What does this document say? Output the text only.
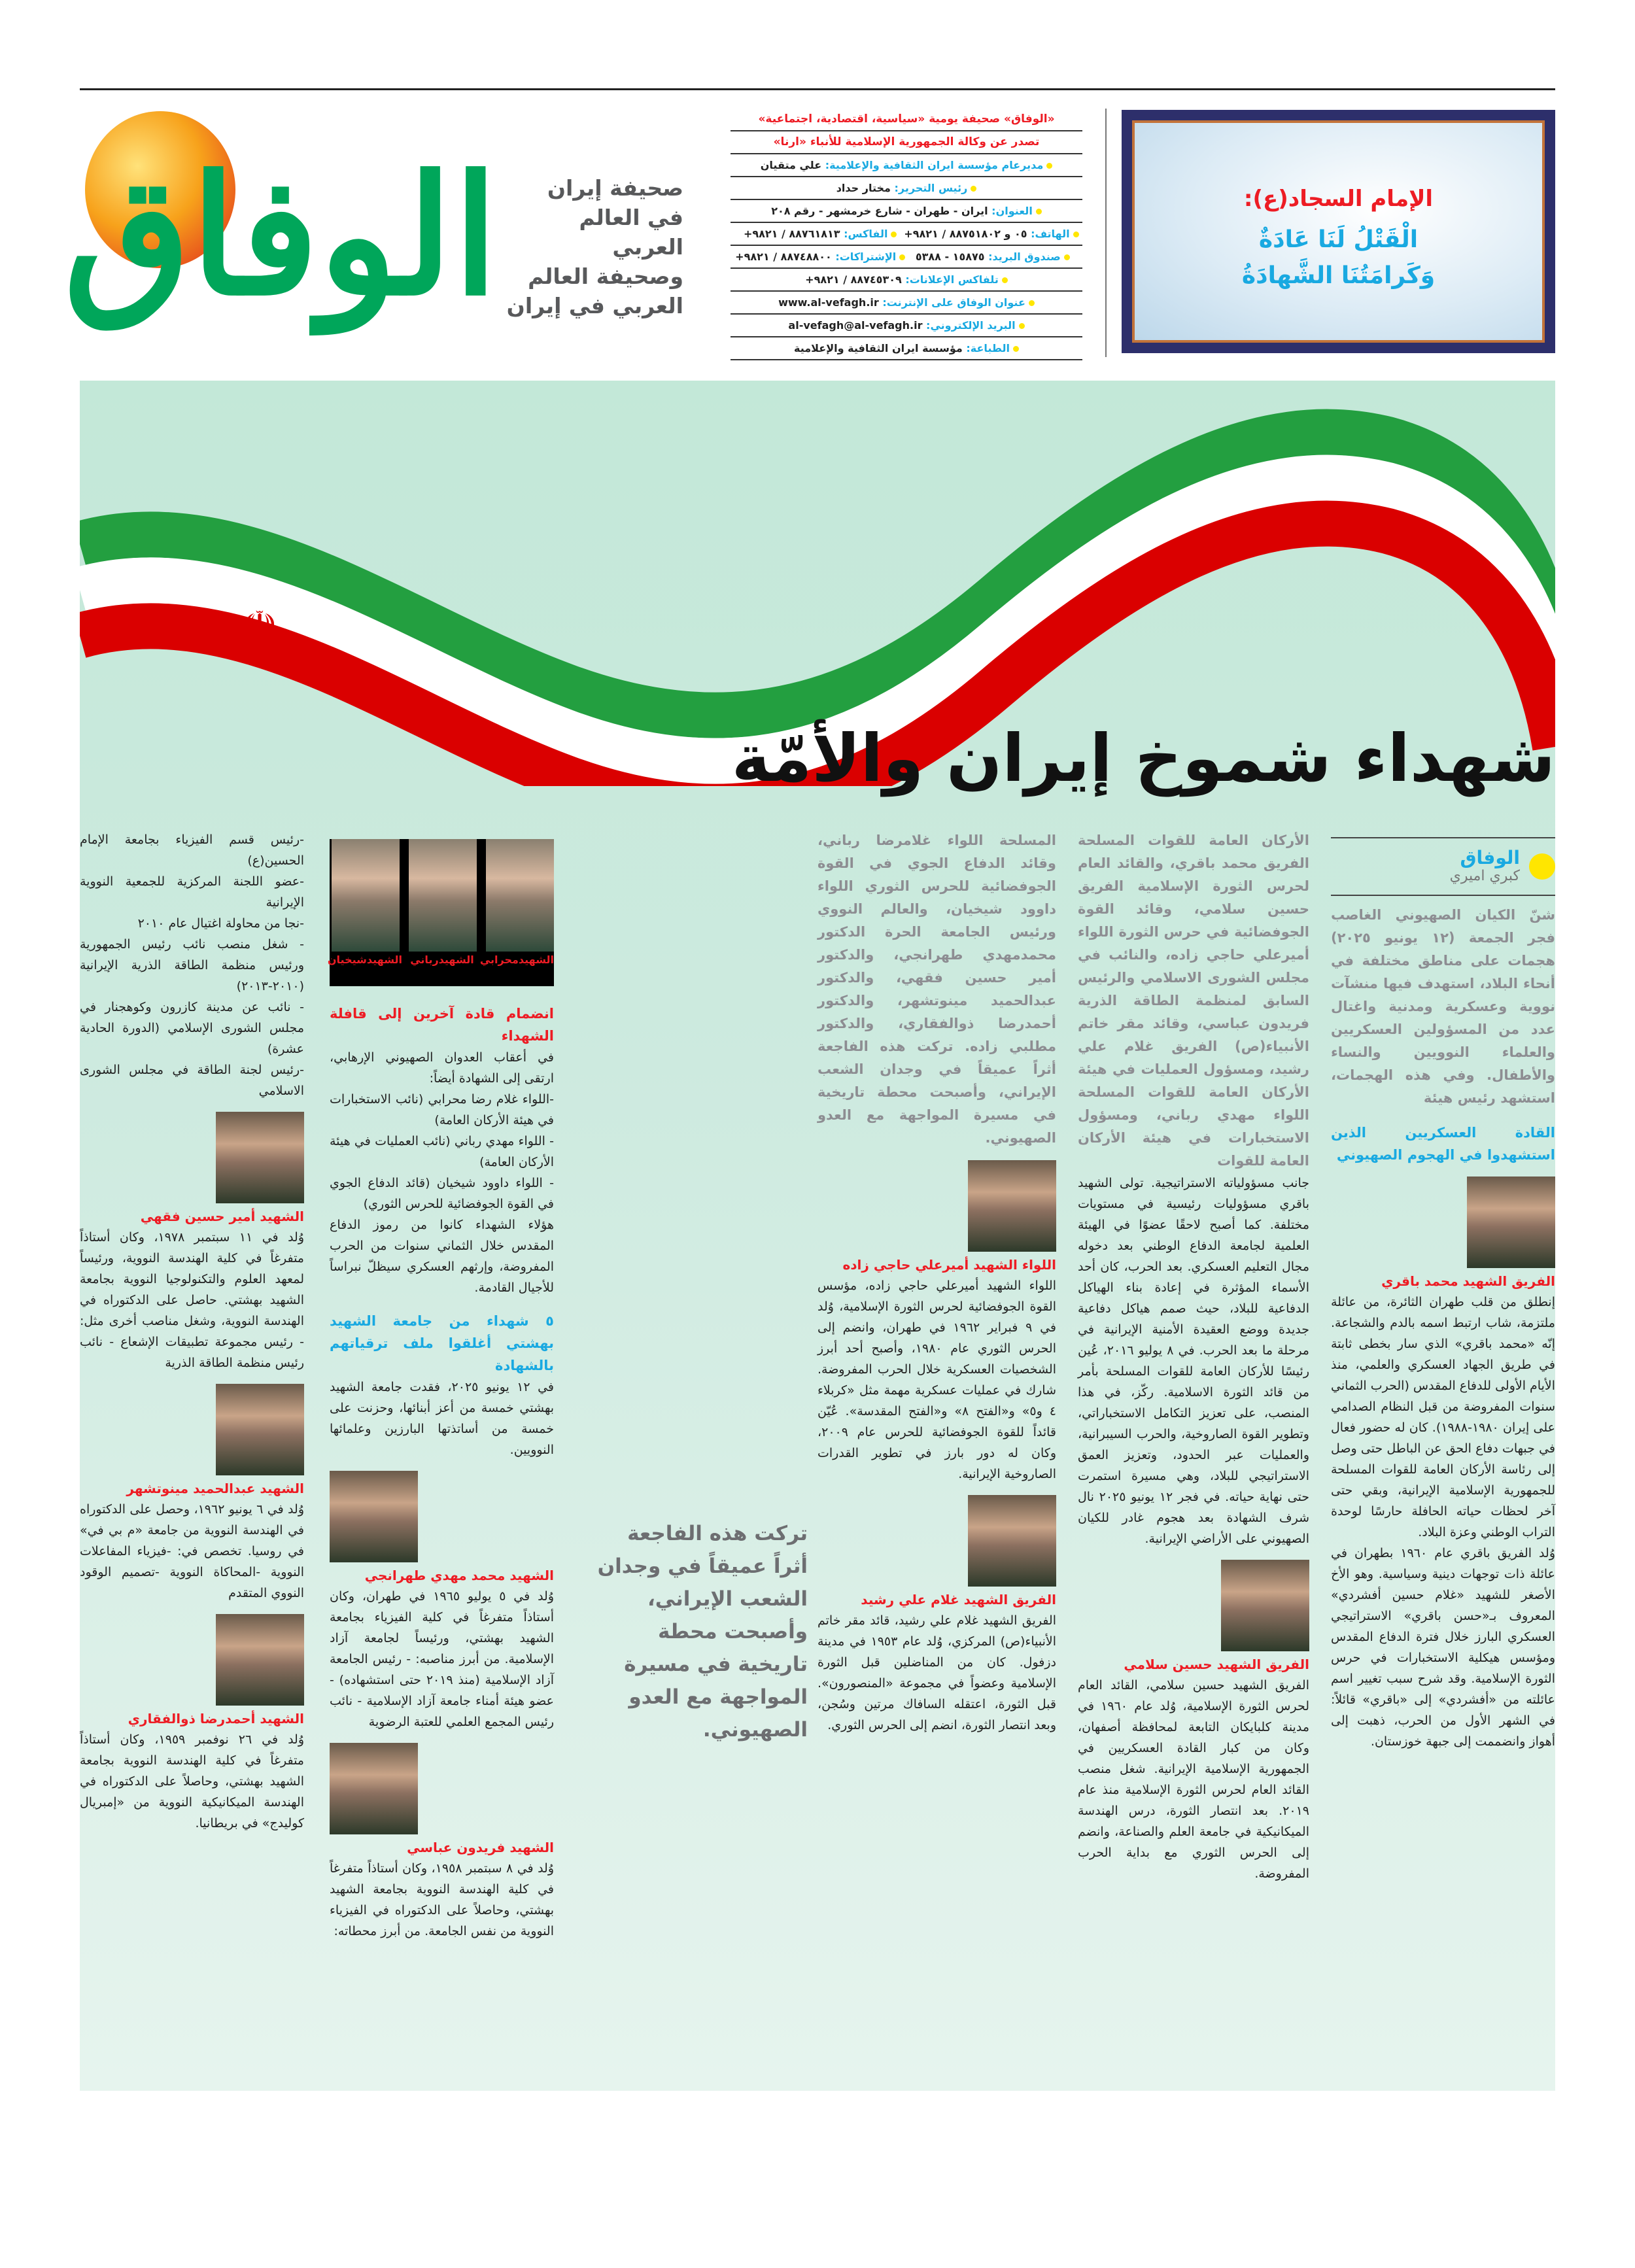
الوفاق	صحيفة إيران
في العالم العربي
وصحيفة العالم
العربي في إيران
«الوفاق» صحيفة يومية «سياسية، اقتصادية، اجتماعية»
تصدر عن وكالة الجمهورية الإسلامية للأنباء «ارنا»
مديرعام مؤسسة ايران الثقافية والإعلامية: علي متقيان
رئيس التحرير: مختار حداد
العنوان: ايران - طهران - شارع خرمشهر - رقم ٢٠٨
الهاتف: ٠٥ و ٨٨٧٥١٨٠٢ / ٩٨٢١+الفاكس: ٨٨٧٦١٨١٣ / ٩٨٢١+
صندوق البريد: ١٥٨٧٥ - ٥٣٨٨الإشتراكات: ٨٨٧٤٨٨٠٠ / ٩٨٢١+
تلفاكس الإعلانات: ٨٨٧٤٥٣٠٩ / ٩٨٢١+
عنوان الوفاق على الإنترنت: www.al-vefagh.ir
البريد الإلكتروني: al-vefagh@al-vefagh.ir
الطباعة: مؤسسة ايران الثقافية والإعلامية
الإمام السجاد(ع):
الْقَتْلُ لَنَا عَادَةٌ
وَكَرامَتُنَا الشَّهادَةُ
☫
شهداء شموخ إيران والأمّة
الشهيدمحرابي
الشهيدرباني
الشهيدشيخيان
تركت هذه الفاجعة أثراً عميقاً في وجدان الشعب الإيراني، وأصبحت محطة تاريخية في مسيرة المواجهة مع العدو الصهيوني.
الوفاق
كبري اميري

شنّ الكيان الصهيوني الغاصب فجر الجمعة (١٢ يونيو ٢٠٢٥) هجمات على مناطق مختلفة في أنحاء البلاد، استهدف فيها منشآت نووية وعسكرية ومدنية واغتال عدد من المسؤولين العسكريين والعلماء النوويين والنساء والأطفال. وفي هذه الهجمات، استشهد رئيس هيئة

القادة العسكريين الذين استشهدوا في الهجوم الصهيوني
الفريق الشهيد محمد باقري

إنطلق من قلب طهران الثائرة، من عائلة ملتزمة، شاب ارتبط اسمه بالدم والشجاعة. إنّه «محمد باقري» الذي سار بخطى ثابتة في طريق الجهاد العسكري والعلمي، منذ الأيام الأولى للدفاع المقدس (الحرب الثماني سنوات المفروضة من قبل النظام الصدامي على إيران ١٩٨٠-١٩٨٨). كان له حضور فعال في جبهات دفاع الحق عن الباطل حتى وصل إلى رئاسة الأركان العامة للقوات المسلحة للجمهورية الإسلامية الإيرانية، وبقي حتى آخر لحظات حياته الحافلة حارسًا لوحدة التراب الوطني وعزة البلاد.

وُلد الفريق باقري عام ١٩٦٠ بطهران في عائلة ذات توجهات دينية وسياسية. وهو الأخ الأصغر للشهيد «غلام حسين أفشردي» المعروف بـ«حسن باقري» الاستراتيجي العسكري البارز خلال فترة الدفاع المقدس ومؤسس هيكلية الاستخبارات في حرس الثورة الإسلامية. وقد شرح سبب تغيير اسم عائلته من «أفشردي» إلى «باقري» قائلاً: في الشهر الأول من الحرب، ذهبت إلى أهواز وانضممت إلى جبهة خوزستان.

الأركان العامة للقوات المسلحة الفريق محمد باقري، والقائد العام لحرس الثورة الإسلامية الفريق حسين سلامي، وقائد القوة الجوفضائية في حرس الثورة اللواء أميرعلي حاجي زاده، والنائب في مجلس الشورى الاسلامي والرئيس السابق لمنظمة الطاقة الذرية فريدون عباسي، وقائد مقر خاتم الأنبياء(ص) الفريق غلام علي رشيد، ومسؤول العمليات في هيئة الأركان العامة للقوات المسلحة اللواء مهدي رباني، ومسؤول الاستخبارات في هيئة الأركان العامة للقوات

جانب مسؤولياته الاستراتيجية. تولى الشهيد باقري مسؤوليات رئيسية في مستويات مختلفة. كما أصبح لاحقًا عضوًا في الهيئة العلمية لجامعة الدفاع الوطني بعد دخوله مجال التعليم العسكري. بعد الحرب، كان أحد الأسماء المؤثرة في إعادة بناء الهياكل الدفاعية للبلاد، حيث صمم هياكل دفاعية جديدة ووضع العقيدة الأمنية الإيرانية في مرحلة ما بعد الحرب. في ٨ يوليو ٢٠١٦، عُين رئيسًا للأركان العامة للقوات المسلحة بأمر من قائد الثورة الاسلامية. ركّز، في هذا المنصب، على تعزيز التكامل الاستخباراتي، وتطوير القوة الصاروخية، والحرب السيبرانية، والعمليات عبر الحدود، وتعزيز العمق الاستراتيجي للبلاد، وهي مسيرة استمرت حتى نهاية حياته. في فجر ١٢ يونيو ٢٠٢٥ نال شرف الشهادة بعد هجوم غادر للكيان الصهيوني على الأراضي الإيرانية.

الفريق الشهيد حسين سلامي

الفريق الشهيد حسين سلامي، القائد العام لحرس الثورة الإسلامية، وُلد عام ١٩٦٠ في مدينة كلبايكان التابعة لمحافظة أصفهان، وكان من كبار القادة العسكريين في الجمهورية الإسلامية الإيرانية. شغل منصب القائد العام لحرس الثورة الإسلامية منذ عام ٢٠١٩. بعد انتصار الثورة، درس الهندسة الميكانيكية في جامعة العلم والصناعة، وانضم إلى الحرس الثوري مع بداية الحرب المفروضة.

المسلحة اللواء غلامرضا رباني، وقائد الدفاع الجوي في القوة الجوفضائية للحرس الثوري اللواء داوود شيخيان، والعالم النووي ورئيس الجامعة الحرة الدكتور محمدمهدي طهرانجي، والدكتور أمير حسين فقهي، والدكتور عبدالحميد مينوتشهر، والدكتور أحمدرضا ذوالفقاري، والدكتور مطلبي زاده. تركت هذه الفاجعة أثراً عميقاً في وجدان الشعب الإيراني، وأصبحت محطة تاريخية في مسيرة المواجهة مع العدو الصهيوني.

اللواء الشهيد أميرعلي حاجي زاده

اللواء الشهيد أميرعلي حاجي زاده، مؤسس القوة الجوفضائية لحرس الثورة الإسلامية، وُلد في ٩ فبراير ١٩٦٢ في طهران، وانضم إلى الحرس الثوري عام ١٩٨٠، وأصبح أحد أبرز الشخصيات العسكرية خلال الحرب المفروضة. شارك في عمليات عسكرية مهمة مثل «كربلاء ٤ و٥» و«الفتح ٨» و«الفتح المقدسة». عُيّن قائداً للقوة الجوفضائية للحرس عام ٢٠٠٩، وكان له دور بارز في تطوير القدرات الصاروخية الإيرانية.

الفريق الشهيد غلام علي رشيد

الفريق الشهيد غلام علي رشيد، قائد مقر خاتم الأنبياء(ص) المركزي، وُلد عام ١٩٥٣ في مدينة دزفول. كان من المناضلين قبل الثورة الإسلامية وعضواً في مجموعة «المنصورون». قبل الثورة، اعتقله السافاك مرتين وسُجن، وبعد انتصار الثورة، انضم إلى الحرس الثوري.

انضمام قادة آخرين إلى قافلة الشهداء

في أعقاب العدوان الصهيوني الإرهابي، ارتقى إلى الشهادة أيضاً:

-اللواء غلام رضا محرابي (نائب الاستخبارات في هيئة الأركان العامة)

- اللواء مهدي رباني (نائب العمليات في هيئة الأركان العامة)

- اللواء داوود شيخيان (قائد الدفاع الجوي في القوة الجوفضائية للحرس الثوري)

هؤلاء الشهداء كانوا من رموز الدفاع المقدس خلال الثماني سنوات من الحرب المفروضة، وإرثهم العسكري سيظلّ نبراساً للأجيال القادمة.

٥ شهداء من جامعة الشهيد بهشتي أغلقوا ملف ترقياتهم بالشهادة

في ١٢ يونيو ٢٠٢٥، فقدت جامعة الشهيد بهشتي خمسة من أعز أبنائها، وحزنت على خمسة من أساتذتها البارزين وعلمائها النوويين.

الشهيد محمد مهدي طهرانجي

وُلد في ٥ يوليو ١٩٦٥ في طهران، وكان أستاذاً متفرغاً في كلية الفيزياء بجامعة الشهيد بهشتي، ورئيساً لجامعة آزاد الإسلامية. من أبرز مناصبه: - رئيس الجامعة آزاد الإسلامية (منذ ٢٠١٩ حتى استشهاده) - عضو هيئة أمناء جامعة آزاد الإسلامية - نائب رئيس المجمع العلمي للعتبة الرضوية

الشهيد فريدون عباسي

وُلد في ٨ سبتمبر ١٩٥٨، وكان أستاذاً متفرغاً في كلية الهندسة النووية بجامعة الشهيد بهشتي، وحاصلاً على الدكتوراه في الفيزياء النووية من نفس الجامعة. من أبرز محطاته:

-رئيس قسم الفيزياء بجامعة الإمام الحسين(ع)

-عضو اللجنة المركزية للجمعية النووية الإيرانية

-نجا من محاولة اغتيال عام ٢٠١٠

- شغل منصب نائب رئيس الجمهورية ورئيس منظمة الطاقة الذرية الإيرانية (٢٠١٠-٢٠١٣)

- نائب عن مدينة كازرون وكوهجنار في مجلس الشورى الإسلامي (الدورة الحادية عشرة)

-رئيس لجنة الطاقة في مجلس الشورى الاسلامي

الشهيد أمير حسين فقهي

وُلد في ١١ سبتمبر ١٩٧٨، وكان أستاذاً متفرغاً في كلية الهندسة النووية، ورئيساً لمعهد العلوم والتكنولوجيا النووية بجامعة الشهيد بهشتي. حاصل على الدكتوراه في الهندسة النووية، وشغل مناصب أخرى مثل: - رئيس مجموعة تطبيقات الإشعاع - نائب رئيس منظمة الطاقة الذرية

الشهيد عبدالحميد مينوتشهر

وُلد في ٦ يونيو ١٩٦٢، وحصل على الدكتوراه في الهندسة النووية من جامعة «م بي في» في روسيا. تخصص في: -فيزياء المفاعلات النووية -المحاكاة النووية -تصميم الوقود النووي المتقدم

الشهيد أحمدرضا ذوالفقاري

وُلد في ٢٦ نوفمبر ١٩٥٩، وكان أستاذاً متفرغاً في كلية الهندسة النووية بجامعة الشهيد بهشتي، وحاصلاً على الدكتوراه في الهندسة الميكانيكية النووية من «إمبريال كوليدج» في بريطانيا.
